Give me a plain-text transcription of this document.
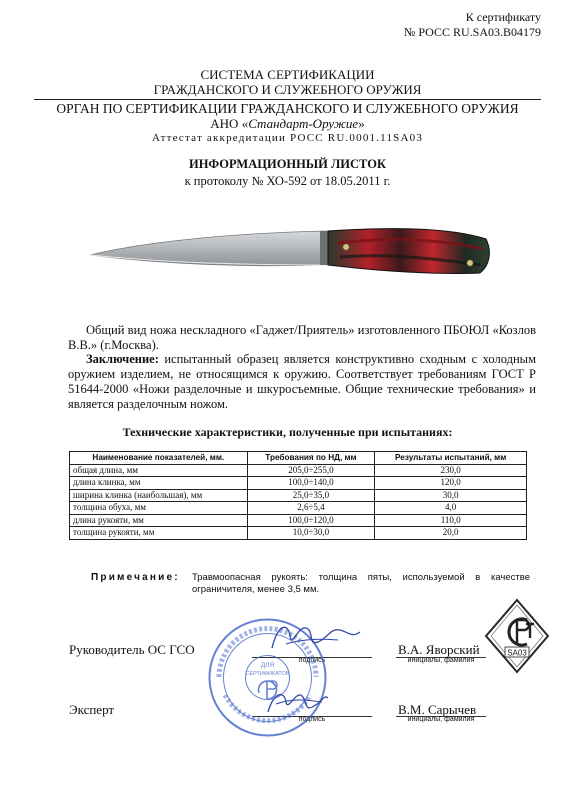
К сертификату
№ РОСС RU.SA03.B04179
СИСТЕМА СЕРТИФИКАЦИИ
ГРАЖДАНСКОГО И СЛУЖЕБНОГО ОРУЖИЯ
ОРГАН ПО СЕРТИФИКАЦИИ ГРАЖДАНСКОГО И СЛУЖЕБНОГО ОРУЖИЯ
АНО «Стандарт-Оружие»
Аттестат аккредитации РОСС RU.0001.11SA03
ИНФОРМАЦИОННЫЙ ЛИСТОК
к протоколу № ХО-592 от 18.05.2011 г.
Общий вид ножа нескладного «Гаджет/Приятель» изготовленного ПБОЮЛ «Козлов В.В.» (г.Москва).
Заключение: испытанный образец является конструктивно сходным с холодным оружием изделием, не относящимся к оружию. Соответствует требованиям ГОСТ Р 51644-2000 «Ножи разделочные и шкуросъемные. Общие технические требования» и является разделочным ножом.
Технические характеристики, полученные при испытаниях:
Наименование показателей, мм.	Требования по НД, мм	Результаты испытаний, мм
общая длина, мм	205,0÷255,0	230,0
длина клинка, мм	100,0÷140,0	120,0
ширина клинка (наибольшая), мм	25,0÷35,0	30,0
толщина обуха, мм	2,6÷5,4	4,0
длина рукояти, мм	100,0÷120,0	110,0
толщина рукояти, мм	10,0÷30,0	20,0
Примечание: Травмоопасная рукоять: толщина пяты, используемой в качестве ограничителя, менее 3,5 мм.
SA03
Руководитель ОС ГСО
подпись
В.А. Яворский
инициалы, фамилия
Эксперт
подпись
В.М. Сарычев
инициалы, фамилия
ДЛЯ
СЕРТИФИКАТОВ
